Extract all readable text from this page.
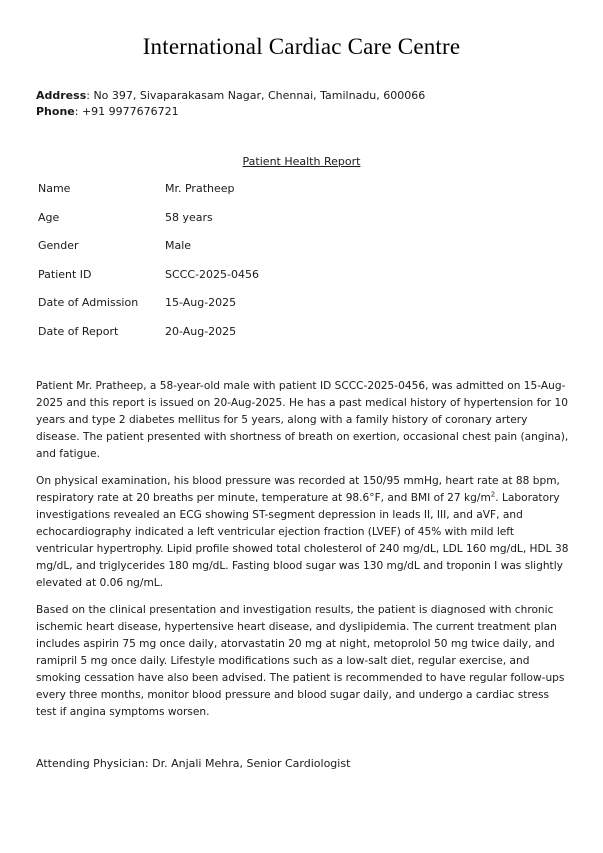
International Cardiac Care Centre
Address: No 397, Sivaparakasam Nagar, Chennai, Tamilnadu, 600066
Phone: +91 9977676721
Patient Health Report
Name	Mr. Pratheep
Age	58 years
Gender	Male
Patient ID	SCCC-2025-0456
Date of Admission	15-Aug-2025
Date of Report	20-Aug-2025

Patient Mr. Pratheep, a 58-year-old male with patient ID SCCC-2025-0456, was admitted on 15-Aug-2025 and this report is issued on 20-Aug-2025. He has a past medical history of hypertension for 10 years and type 2 diabetes mellitus for 5 years, along with a family history of coronary artery disease. The patient presented with shortness of breath on exertion, occasional chest pain (angina), and fatigue.

On physical examination, his blood pressure was recorded at 150/95 mmHg, heart rate at 88 bpm, respiratory rate at 20 breaths per minute, temperature at 98.6°F, and BMI of 27 $kg/m^2$. Laboratory investigations revealed an ECG showing ST-segment depression in leads II, III, and aVF, and echocardiography indicated a left ventricular ejection fraction (LVEF) of 45% with mild left ventricular hypertrophy. Lipid profile showed total cholesterol of 240 mg/dL, LDL 160 mg/dL, HDL 38 mg/dL, and triglycerides 180 mg/dL. Fasting blood sugar was 130 mg/dL and troponin I was slightly elevated at 0.06 ng/mL.

Based on the clinical presentation and investigation results, the patient is diagnosed with chronic ischemic heart disease, hypertensive heart disease, and dyslipidemia. The current treatment plan includes aspirin 75 mg once daily, atorvastatin 20 mg at night, metoprolol 50 mg twice daily, and ramipril 5 mg once daily. Lifestyle modifications such as a low-salt diet, regular exercise, and smoking cessation have also been advised. The patient is recommended to have regular follow-ups every three months, monitor blood pressure and blood sugar daily, and undergo a cardiac stress test if angina symptoms worsen.

Attending Physician: Dr. Anjali Mehra, Senior Cardiologist
